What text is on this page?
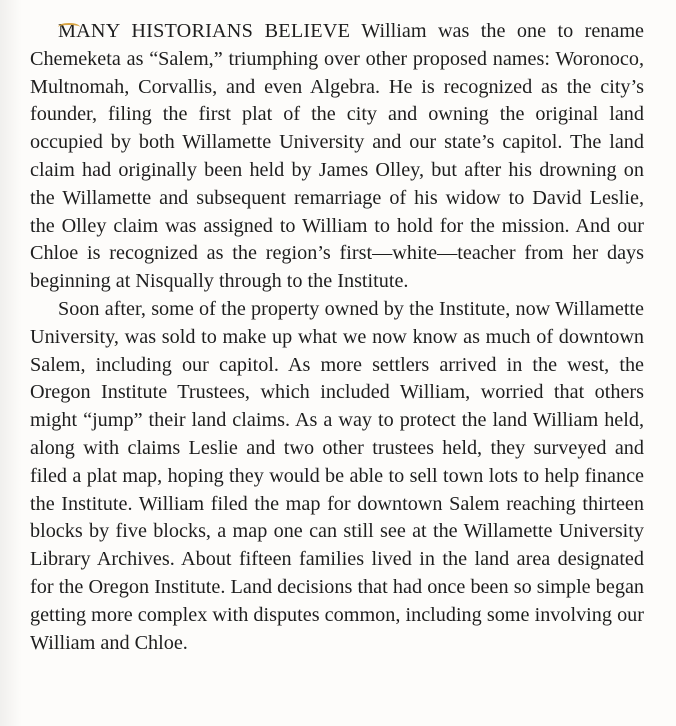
MANY HISTORIANS BELIEVE William was the one to rename Chemeketa as “Salem,” triumphing over other proposed names: Woronoco, Multnomah, Corvallis, and even Algebra. He is recognized as the city’s founder, filing the first plat of the city and owning the original land occupied by both Willamette University and our state’s capitol. The land claim had originally been held by James Olley, but after his drowning on the Willamette and subsequent remarriage of his widow to David Leslie, the Olley claim was assigned to William to hold for the mission. And our Chloe is recognized as the region’s first—white—teacher from her days beginning at Nisqually through to the Institute.

Soon after, some of the property owned by the Institute, now Willamette University, was sold to make up what we now know as much of downtown Salem, including our capitol. As more settlers arrived in the west, the Oregon Institute Trustees, which included William, worried that others might “jump” their land claims. As a way to protect the land William held, along with claims Leslie and two other trustees held, they surveyed and filed a plat map, hoping they would be able to sell town lots to help finance the Institute. William filed the map for downtown Salem reaching thirteen blocks by five blocks, a map one can still see at the Willamette University Library Archives. About fifteen families lived in the land area designated for the Oregon Institute. Land decisions that had once been so simple began getting more complex with disputes common, including some involving our William and Chloe.
